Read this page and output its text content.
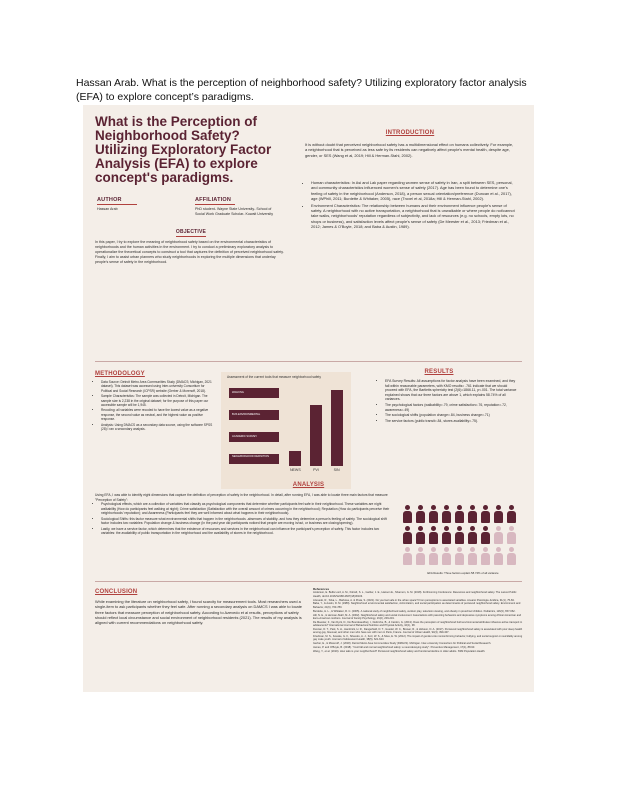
Hassan Arab. What is the perception of neighborhood safety? Utilizing exploratory factor analysis (EFA) to explore concept’s paradigms.
What is the Perception of Neighborhood Safety? Utilizing Exploratory Factor Analysis (EFA) to explore concept's paradigms.
AUTHOR
Hassan Arab
AFFILIATION
PhD student- Wayne State University- School of Social Work Graduate Scholar- Kuwait University
OBJECTIVE
In this paper, I try to explore the meaning of neighborhood safety based on the environmental characteristics of neighborhoods and the human activities in the environment. I try to conduct a preliminary exploratory analysis to operationalize the theoretical concepts to construct a tool that captures the definition of perceived neighborhood safety. Finally, I aim to assist urban planners who study neighborhoods in exploring the multiple dimensions that underlay people's sense of safety in the neighborhood.
INTRODUCTION
It is without doubt that perceived neighborhood safety has a multidimensional effect on humans collectively. For example, a neighborhood that is perceived as less safe by its residents can negatively affect people's mental health, despite age, gender, or SES (Wang et al, 2019; Hill & Herman-Stahl, 2002).
• Human characteristics: In Asi and Lak paper regarding women sense of safety in Iran, a split between SES, personal, and community characteristics influenced women's sense of safety (2017). Age has been found to determine one's feeling of safety in the neighborhood (Anderson, 2018), a person sexual orientation/preference (Duncan et al., 2017), age (WPhill, 2011; Burdette & Whitaker, 2005), race (Troxel et al, 2018a; Hill & Herman-Stahl, 2002).
• Environment Characteristics: The relationship between humans and their environment influence people's sense of safety. A neighborhood with no active transportation, a neighborhood that is unwalkable or where people do not/cannot take walks, neighborhoods' reputation regardless of subjectivity, and lack of resources (e.g. no schools, empty lots, no shops or business), and satisfaction levels affect people's sense of safety (De Meester et al., 2013; Friedman et al., 2012; James & O'Boyle, 2018; and Baba & Austin, 1989).
METHODOLOGY
• Data Source: Detroit Metro Area Communities Study (DMACS; Michigan, 2021 dataset). This dataset was accessed using Inter-university Consortium for Political and Social Research (ICPSR) website (Gerber & Morenoff, 2018).
• Sample Characteristics: The sample was collected in Detroit, Michigan. The sample size is 2,238 in the original dataset; for the purpose of this paper our accessible sample will be 1,945.
• Recoding: all variables were recoded to have the lowest value as a negative response, the second value as neutral, and the highest value as positive response.
• Analysis: Using DMACS as a secondary data source, using the software SPSS (28) I ran a secondary analysis.
Assessment of the current tools that measure neighborhood safety
WALKING
BUS ENVIRONMENTAL
ACADEMIC SURVEY
NEIGHBORHOOD DEFINITION
NEWS	PVI	SIN
RESULTS
• EFA Survey Results: All assumptions for factor analysis have been examined, and they fall within reasonable parameters, with KMO results= .761 indicate that we should proceed with EFA, the Bartletts sphericity test (2(6)=1866.11, p<.001. The total variance explained shows that our three factors are above 1, which explains 58.74% of all variances.
• The psychological factors (walkability=.79, crime satisfaction=.76, reputation=.72, awareness=.49)
• The sociological shifts (population change=.84, business change=.71)
• The service factors (public transit=.84, stores availability=.75).
ANALYSIS
Using EFA, I was able to identify eight dimensions that capture the definition of perception of safety in the neighborhood. In detail, after running EFA, I was able to locate three main factors that measure "Perception of Safety":
• Psychological effects, which are a collection of variables that classify as psychological components that determine whether participants feel safe in their neighborhood. These variables are night walkability (How do participants feel walking at night); Crime satisfaction (Satisfaction with the overall amount of crimes occurring in the neighborhood); Reputation (How do participants perceive their neighborhoods' reputation); and Awareness (Participants feel they are well informed about what happens in their neighborhoods).
• Sociological Shifts: this factor measure what environmental shifts that happen in the neighborhoods -absences of stability- and how they determine a person's feeling of safety. The sociological shift factor includes two variables: Population change & business change (In the past year did participants noticed that people are moving in/out, or business are closing/opening).
• Lastly, we have a service factor, which determines that the existence of resources and services in the neighborhood can influence the participant's perception of safety. This factor includes two variables: the availability of public transportation in the neighborhood and the availability of stores in the neighborhood.
EFA Results: Three factors explain 58.74% of all variance
CONCLUSION
While examining the literature on neighborhood safety, I found scarcity for measurement tools. Most researchers used a single-item to ask participants whether they feel safe. After running a secondary analysis on DAMCS I was able to locate three factors that measure perception of neighborhood safety. According to Azevedo et al results, perceptions of safety should reflect local circumstance and social environment of neighborhood residents (2021). The results of my analysis is aligned with current recommendations on neighborhood safety.
References
Anderson, E. Bullis Lord, A. M., Kilcrell, S. L., Garber, J. E., Hanson E., Shannon, G. M. (2018). Forthcoming Conference: Resources and neighborhood safety. The Lancet Public Health, doi:10.1016/S2468-2667(18)30103.
Azevedo, R., Silva, L., Barbosa, A. & Prata, S. (2021). Do you feel safe in the urban space? From perceptions to associated variables. Anuario Psicologia Juridica, 31(1), 75-84.
Baba, Y., & Austin, D. M. (1989). Neighborhood environmental satisfaction, victimization, and social participation as determinants of perceived neighborhood safety. Environment and Behavior, 21(6), 763-780.
Burdette, H. L., & Whitaker, R. C. (2005). A national study of neighborhood safety, outdoor play, television viewing, and obesity in preschool children. Pediatrics, 116(3), 657-662.
Hill, N. E., & Herman-Stahl, M. A. (2002). Neighborhood safety and social involvement: Associations with parenting behaviors and depressive symptoms among African American and Euro-American mothers. Journal of Family Psychology, 16(2), 209-219.
De Meester, F., Van Dyck, D., De Bourdeaudhuij, I., Deforche, B., & Cardon, G. (2013). Does the perception of neighborhood built environmental attributes influence active transport in adolescents? International Journal of Behavioral Nutrition and Physical Activity, 10(1), 38.
Duncan, D. T., Park, S. H., Hambrick, H. R., Dangerfield, D. T., Goedel, W. C., Brewer, R., & Hickson, D. A. (2017). Perceived neighborhood safety is associated with poor sleep health among gay, bisexual, and other men who have sex with men in Paris, France. Journal of Urban Health, 94(3), 399-407.
Friedman, M. S., Koeske, G. F., Silvestre, A. J., Korr, W. S., & Sites, E. W. (2012). The impact of gender-role nonconforming behavior, bullying, and social support on suicidality among gay male youth. Journal of Adolescent Health, 38(5), 621-623.
Gerber, E., & Morenoff, J. (2018). Detroit Metro Area Communities Study (DMACS). Michigan. Inter-university Consortium for Political and Social Research.
James, P. and O'Boyle, B. (2018). "Cool fall and normal neighborhood safety: a neurodecaying study". Preventive Management, 17(1), 88-93.
Wang, Y., et al. (2019). How safe is your neighborhood? Perceived neighborhood safety and functional decline in older adults. SSM Population Health.
